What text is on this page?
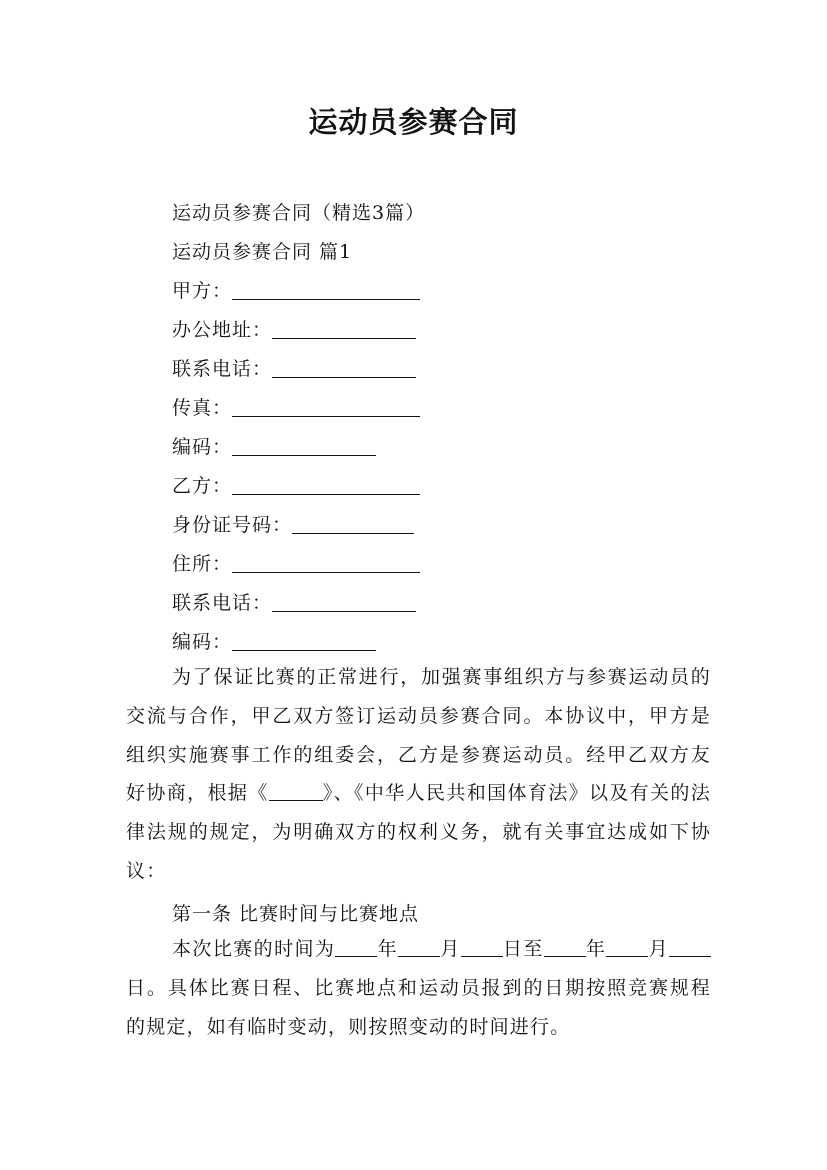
运动员参赛合同
运动员参赛合同（精选3篇）
运动员参赛合同 篇1
甲方：
办公地址：
联系电话：
传真：
编码：
乙方：
身份证号码：
住所：
联系电话：
编码：

为了保证比赛的正常进行，加强赛事组织方与参赛运动员的交流与合作，甲乙双方签订运动员参赛合同。本协议中，甲方是组织实施赛事工作的组委会，乙方是参赛运动员。经甲乙双方友好协商，根据《	》、《中华人民共和国体育法》以及有关的法律法规的规定，为明确双方的权利义务，就有关事宜达成如下协议：

第一条 比赛时间与比赛地点

本次比赛的时间为 年 月 日至 年 月日。具体比赛日程、比赛地点和运动员报到的日期按照竞赛规程的规定，如有临时变动，则按照变动的时间进行。
